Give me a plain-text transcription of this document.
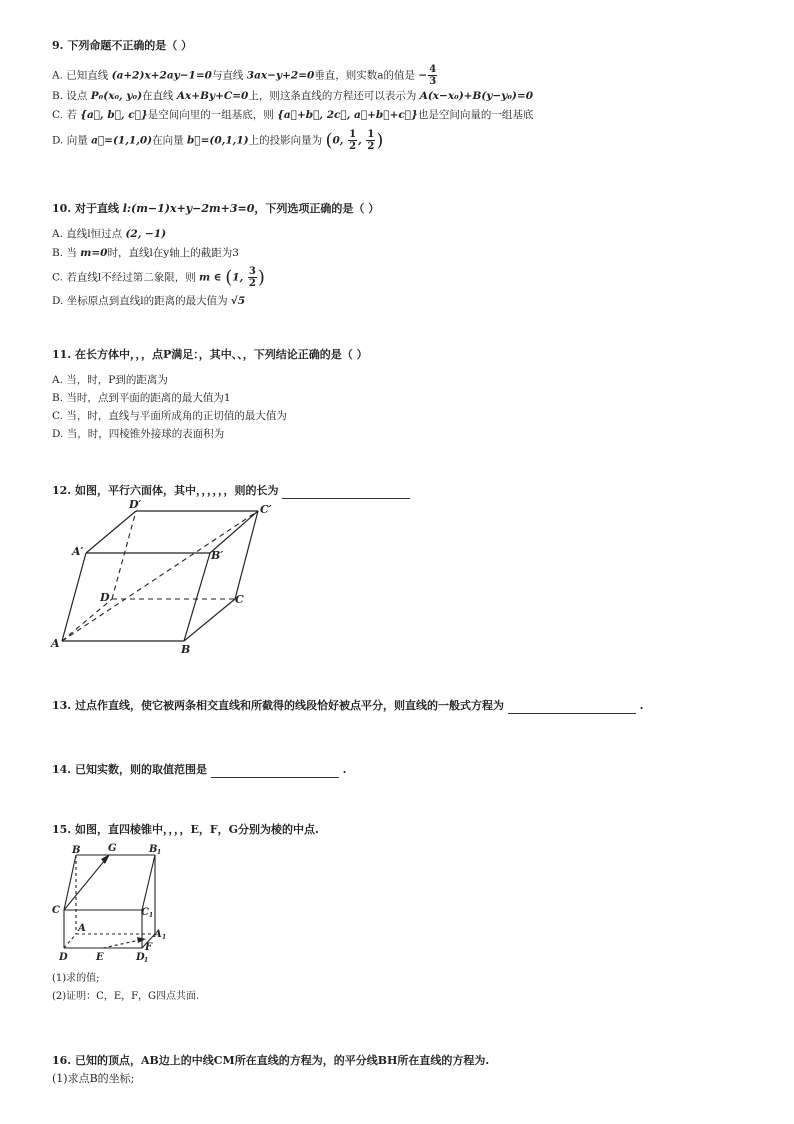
9. 下列命题不正确的是（ ）
A. 已知直线 (a+2)x+2ay−1=0与直线 3ax−y+2=0垂直，则实数a的值是 − $\frac{4}{3}$
B. 设点 P₀(x₀, y₀)在直线 Ax+By+C=0上，则这条直线的方程还可以表示为 A(x−x₀)+B(y−y₀)=0
C. 若 {a⃗, b⃗, c⃗}是空间向里的一组基底，则 {a⃗+b⃗, 2c⃗, a⃗+b⃗+c⃗}也是空间向量的一组基底
D. 向量 a⃗=(1,1,0)在向量 b⃗=(0,1,1)上的投影向量为 (0, $\frac{1}{2}$ , $\frac{1}{2}$ )
10. 对于直线 l:(m−1)x+y−2m+3=0，下列选项正确的是（ ）
A. 直线l恒过点 (2, −1)
B. 当 m=0时，直线l在y轴上的截距为3
C. 若直线l不经过第二象限，则 m ∈ (1, $\frac{3}{2}$ )
D. 坐标原点到直线l的距离的最大值为 √5
11. 在长方体中，，，点P满足：，其中、、，下列结论正确的是（ ）
A. 当，时，P到的距离为
B. 当时，点到平面的距离的最大值为1
C. 当，时，直线与平面所成角的正切值的最大值为
D. 当，时，四棱锥外接球的表面积为
12. 如图，平行六面体，其中，，，，，，则的长为
A	B
C
D
A′	B′
C′
D′
13. 过点作直线，使它被两条相交直线和所截得的线段恰好被点平分，则直线的一般式方程为	.
14. 已知实数，则的取值范围是	.
15. 如图，直四棱锥中，，，，E，F，G分别为棱的中点.
B	G	B 1
C	C 1
A
A 1
D	E	D 1
F
(1)求的值;
(2)证明：C，E，F，G四点共面.
16. 已知的顶点，AB边上的中线CM所在直线的方程为，的平分线BH所在直线的方程为.
(1)求点B的坐标;
